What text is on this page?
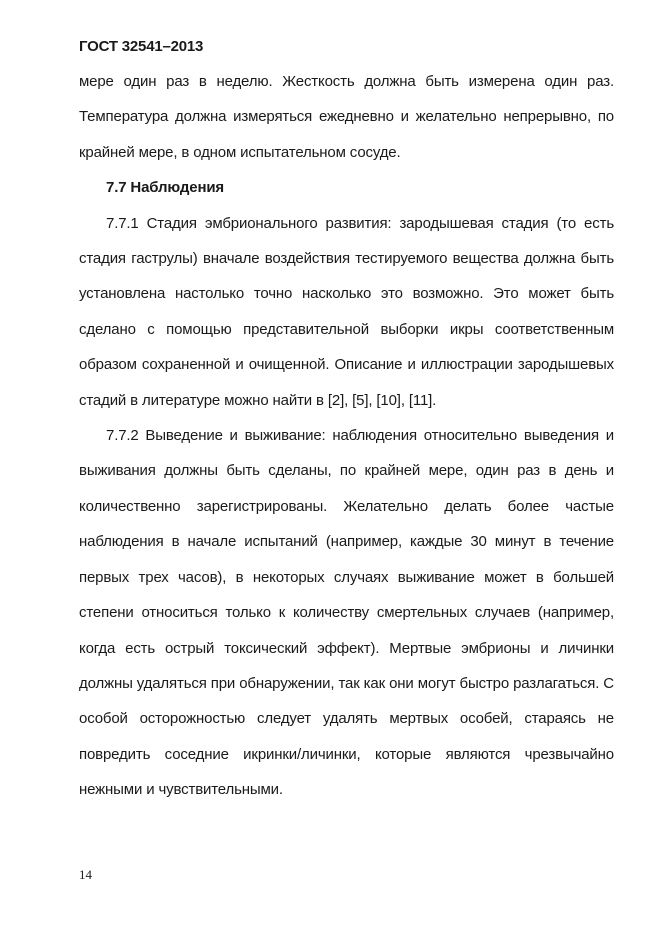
ГОСТ 32541–2013

мере один раз в неделю. Жесткость должна быть измерена один раз. Температура должна измеряться ежедневно и желательно непрерывно, по крайней мере, в одном испытательном сосуде.

7.7 Наблюдения

7.7.1 Стадия эмбрионального развития: зародышевая стадия (то есть стадия гаструлы) вначале воздействия тестируемого вещества должна быть установлена настолько точно насколько это возможно. Это может быть сделано с помощью представительной выборки икры соответственным образом сохраненной и очищенной. Описание и иллюстрации зародышевых стадий в литературе можно найти в [2], [5], [10], [11].

7.7.2 Выведение и выживание: наблюдения относительно выведения и выживания должны быть сделаны, по крайней мере, один раз в день и количественно зарегистрированы. Желательно делать более частые наблюдения в начале испытаний (например, каждые 30 минут в течение первых трех часов), в некоторых случаях выживание может в большей степени относиться только к количеству смертельных случаев (например, когда есть острый токсический эффект). Мертвые эмбрионы и личинки должны удаляться при обнаружении, так как они могут быстро разлагаться. С особой осторожностью следует удалять мертвых особей, стараясь не повредить соседние икринки/личинки, которые являются чрезвычайно нежными и чувствительными.

14
